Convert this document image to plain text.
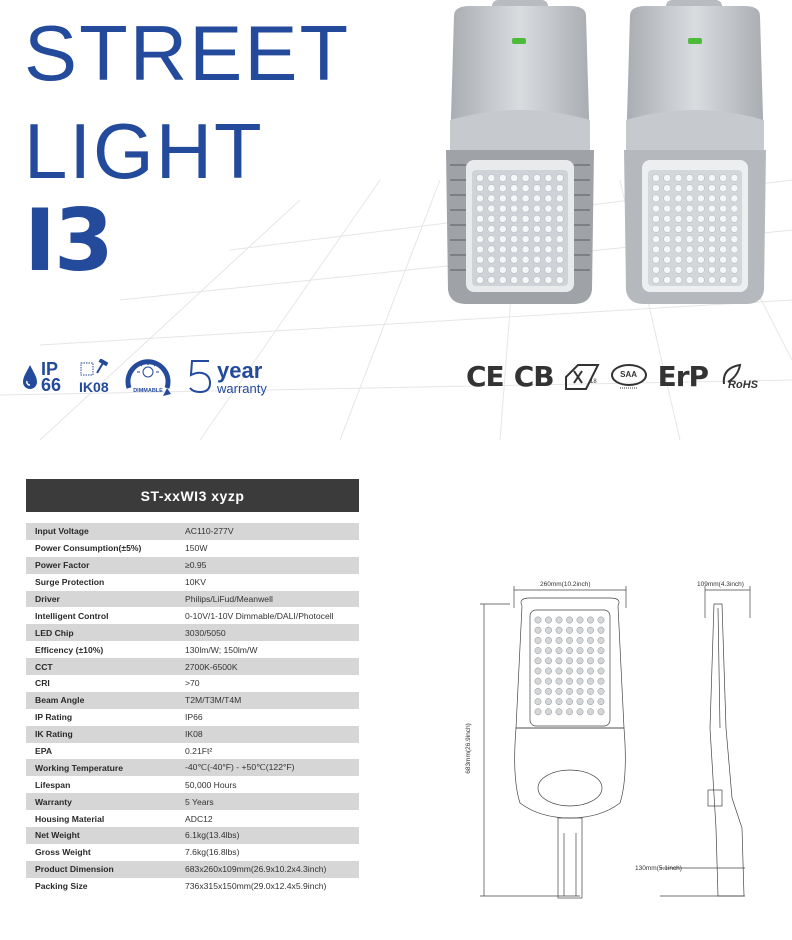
STREET
LIGHT
I3
IP
66 IK08	DIMMABLE
year
warranty	CE CB	18
SAA ErP RoHS
ST-xxWI3 xyzp
Input Voltage	AC110-277V
Power Consumption(±5%)	150W
Power Factor	≥0.95
Surge Protection	10KV
Driver	Philips/LiFud/Meanwell
Intelligent Control	0-10V/1-10V Dimmable/DALI/Photocell
LED Chip	3030/5050
Efficency (±10%)	130lm/W; 150lm/W
CCT	2700K-6500K
CRI	>70
Beam Angle	T2M/T3M/T4M
IP Rating	IP66
IK Rating	IK08
EPA	0.21Ft²
Working Temperature	-40℃(-40°F) - +50℃(122°F)
Lifespan	50,000 Hours
Warranty	5 Years
Housing Material	ADC12
Net Weight	6.1kg(13.4lbs)
Gross Weight	7.6kg(16.8lbs)
Product Dimension	683x260x109mm(26.9x10.2x4.3inch)
Packing Size	736x315x150mm(29.0x12.4x5.9inch)
260mm(10.2inch)	109mm(4.3inch)
683mm(26.9inch)
130mm(5.1inch)
